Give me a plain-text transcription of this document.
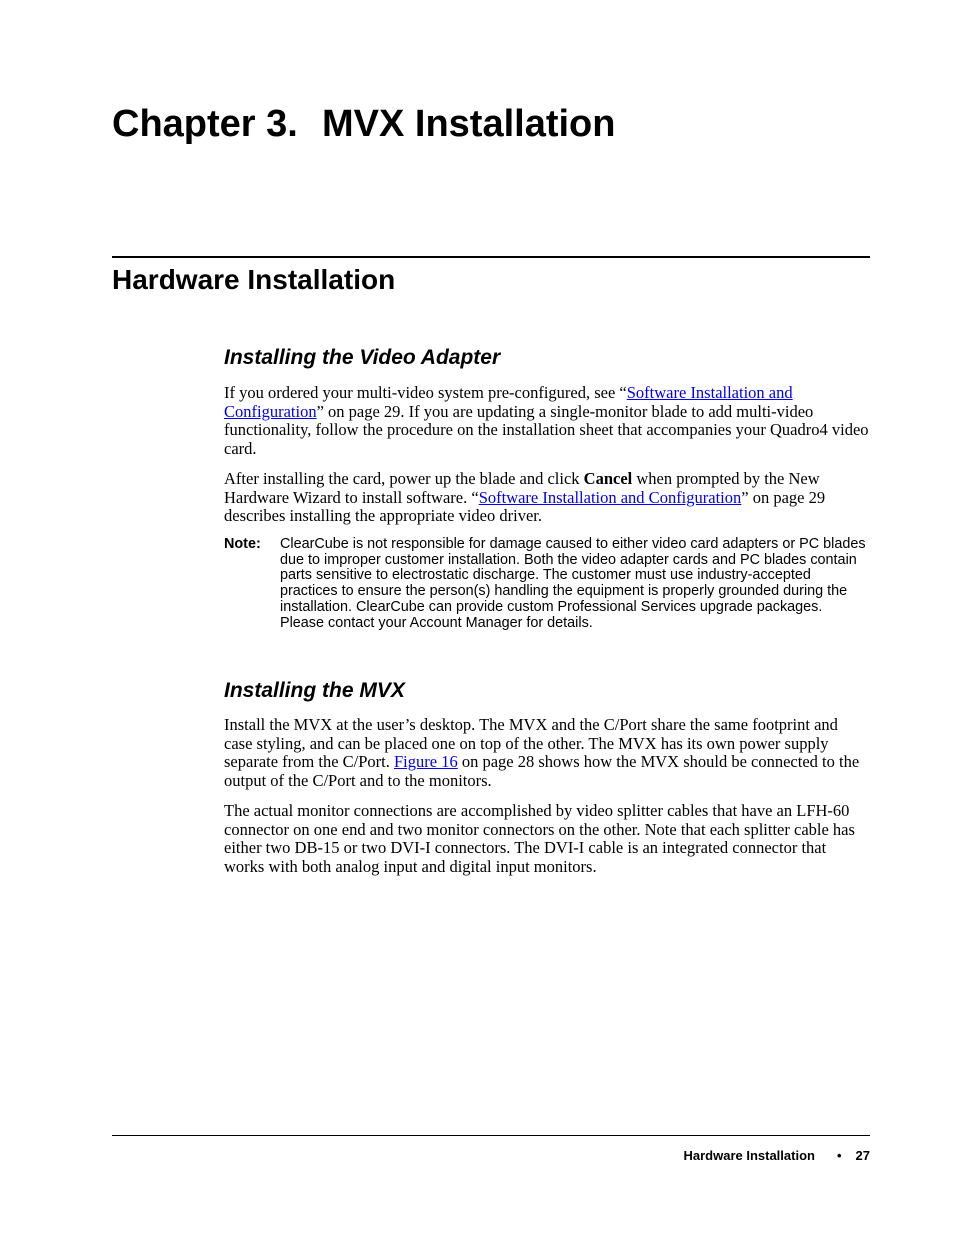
Chapter 3. MVX Installation
Hardware Installation
Installing the Video Adapter

If you ordered your multi-video system pre-configured, see “Software Installation and Configuration” on page 29. If you are updating a single-monitor blade to add multi-video functionality, follow the procedure on the installation sheet that accompanies your Quadro4 video card.

After installing the card, power up the blade and click Cancel when prompted by the New Hardware Wizard to install software. “Software Installation and Configuration” on page 29 describes installing the appropriate video driver.

Note: ClearCube is not responsible for damage caused to either video card adapters or PC blades due to improper customer installation. Both the video adapter cards and PC blades contain parts sensitive to electrostatic discharge. The customer must use industry-accepted practices to ensure the person(s) handling the equipment is properly grounded during the installation. ClearCube can provide custom Professional Services upgrade packages. Please contact your Account Manager for details.

Installing the MVX

Install the MVX at the user’s desktop. The MVX and the C/Port share the same footprint and case styling, and can be placed one on top of the other. The MVX has its own power supply separate from the C/Port. Figure 16 on page 28 shows how the MVX should be connected to the output of the C/Port and to the monitors.

The actual monitor connections are accomplished by video splitter cables that have an LFH-60 connector on one end and two monitor connectors on the other. Note that each splitter cable has either two DB-15 or two DVI-I connectors. The DVI-I cable is an integrated connector that works with both analog input and digital input monitors.

Hardware Installation • 27
